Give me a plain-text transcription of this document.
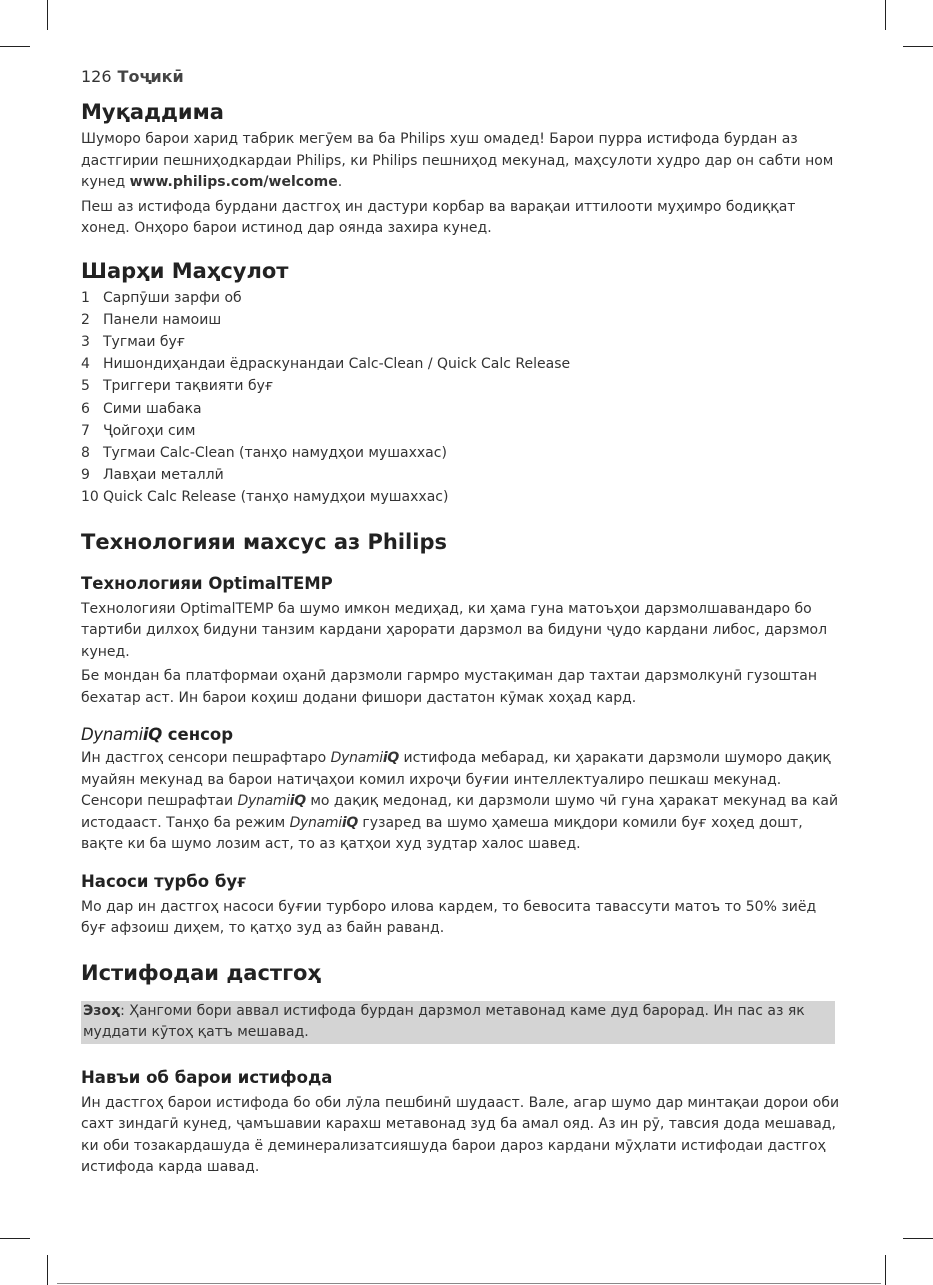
126 Тоҷикӣ
Муқаддима

Шуморо барои харид табрик мегӯем ва ба Philips хуш омадед! Барои пурра истифода бурдан аз дастгирии пешниҳодкардаи Philips, ки Philips пешниҳод мекунад, маҳсулоти худро дар он сабти ном кунед www.philips.com/welcome.

Пеш аз истифода бурдани дастгоҳ ин дастури корбар ва варақаи иттилооти муҳимро бодиққат хонед. Онҳоро барои истинод дар оянда захира кунед.

Шарҳи Маҳсулот
1 Сарпӯши зарфи об
2 Панели намоиш
3 Тугмаи буғ
4 Нишондиҳандаи ёдраскунандаи Calc-Clean / Quick Calc Release
5 Триггери тақвияти буғ
6 Сими шабака
7 Ҷойгоҳи сим
8 Тугмаи Calc-Clean (танҳо намудҳои мушаххас)
9 Лавҳаи металлӣ
10 Quick Calc Release (танҳо намудҳои мушаххас)
Технологияи махсус аз Philips
Технологияи OptimalTEMP

Технологияи OptimalTEMP ба шумо имкон медиҳад, ки ҳама гуна матоъҳои дарзмолшавандаро бо тартиби дилхоҳ бидуни танзим кардани ҳарорати дарзмол ва бидуни ҷудо кардани либос, дарзмол кунед.

Бе мондан ба платформаи оҳанӣ дарзмоли гармро мустақиман дар тахтаи дарзмолкунӣ гузоштан бехатар аст. Ин барои коҳиш додани фишори дастатон кӯмак хоҳад кард.

DynamiiQ сенсор

Ин дастгоҳ сенсори пешрафтаро DynamiiQ истифода мебарад, ки ҳаракати дарзмоли шуморо дақиқ муайян мекунад ва барои натиҷаҳои комил ихроҷи буғии интеллектуалиро пешкаш мекунад. Сенсори пешрафтаи DynamiiQ мо дақиқ медонад, ки дарзмоли шумо чӣ гуна ҳаракат мекунад ва кай истодааст. Танҳо ба режим DynamiiQ гузаред ва шумо ҳамеша миқдори комили буғ хоҳед дошт, вақте ки ба шумо лозим аст, то аз қатҳои худ зудтар халос шавед.

Насоси турбо буғ

Мо дар ин дастгоҳ насоси буғии турборо илова кардем, то бевосита тавассути матоъ то 50% зиёд буғ афзоиш диҳем, то қатҳо зуд аз байн раванд.

Истифодаи дастгоҳ

Эзоҳ: Ҳангоми бори аввал истифода бурдан дарзмол метавонад каме дуд барорад. Ин пас аз як муддати кӯтоҳ қатъ мешавад.

Навъи об барои истифода

Ин дастгоҳ барои истифода бо оби лӯла пешбинӣ шудааст. Вале, агар шумо дар минтақаи дорои оби сахт зиндагӣ кунед, ҷамъшавии карахш метавонад зуд ба амал ояд. Аз ин рӯ, тавсия дода мешавад, ки оби тозакардашуда ё деминерализатсияшуда барои дароз кардани мӯҳлати истифодаи дастгоҳ истифода карда шавад.
